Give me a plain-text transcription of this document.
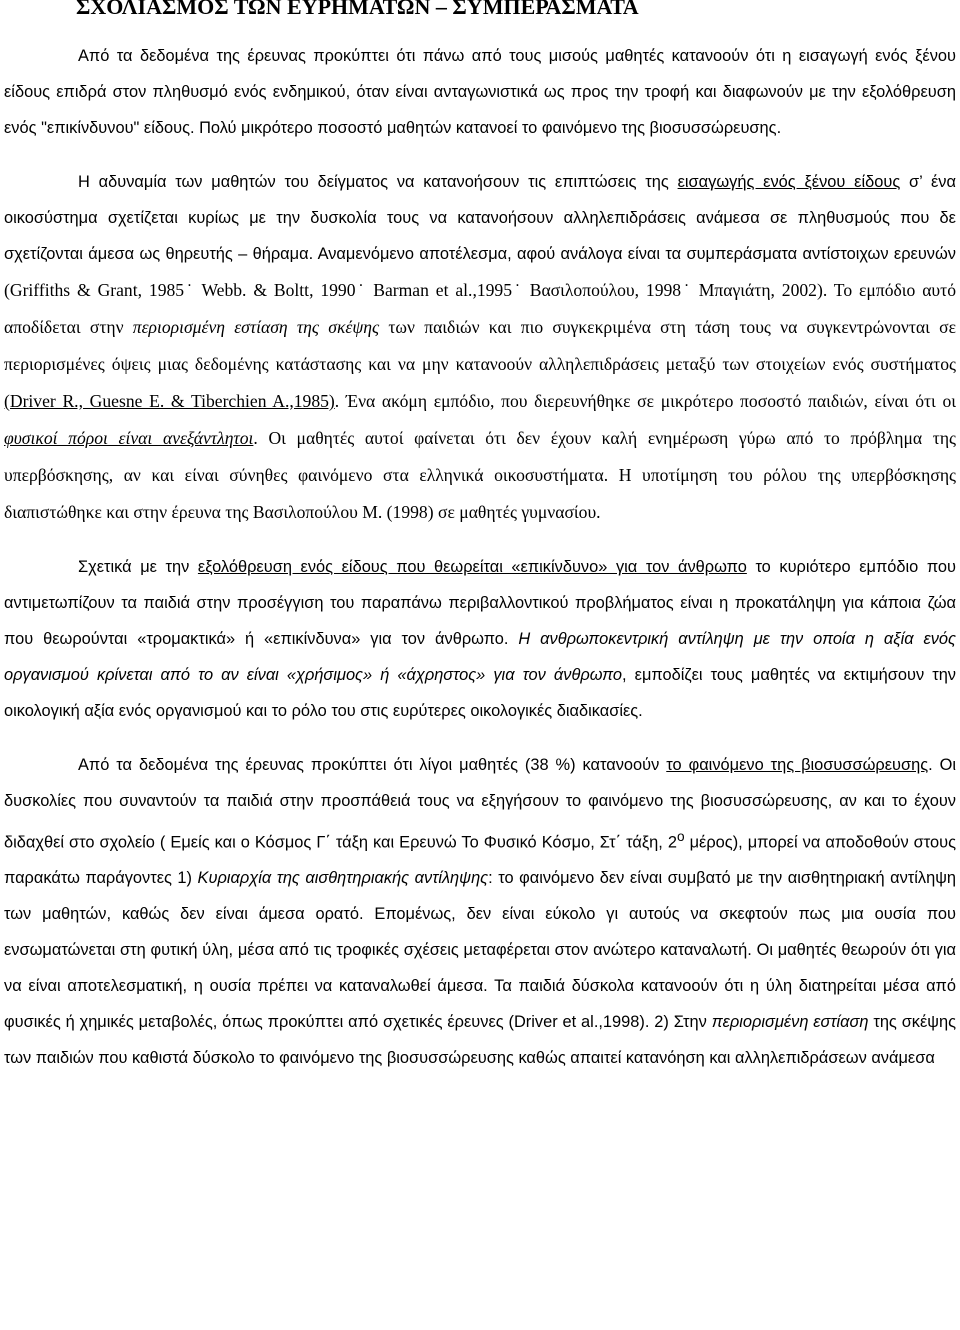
ΣΧΟΛΙΑΣΜΟΣ ΤΩΝ ΕΥΡΗΜΑΤΩΝ – ΣΥΜΠΕΡΑΣΜΑΤΑ

Από τα δεδομένα της έρευνας προκύπτει ότι πάνω από τους μισούς μαθητές κατανοούν ότι η εισαγωγή ενός ξένου είδους επιδρά στον πληθυσμό ενός ενδημικού, όταν είναι ανταγωνιστικά ως προς την τροφή και διαφωνούν με την εξολόθρευση ενός "επικίνδυνου" είδους. Πολύ μικρότερο ποσοστό μαθητών κατανοεί το φαινόμενο της βιοσυσσώρευσης.

Η αδυναμία των μαθητών του δείγματος να κατανοήσουν τις επιπτώσεις της εισαγωγής ενός ξένου είδους σ’ ένα οικοσύστημα σχετίζεται κυρίως με την δυσκολία τους να κατανοήσουν αλληλεπιδράσεις ανάμεσα σε πληθυσμούς που δε σχετίζονται άμεσα ως θηρευτής – θήραμα. Αναμενόμενο αποτέλεσμα, αφού ανάλογα είναι τα συμπεράσματα αντίστοιχων ερευνών (Griffiths & Grant, 1985˙ Webb. & Boltt, 1990˙ Barman et al.,1995˙ Βασιλοπούλου, 1998˙ Μπαγιάτη, 2002). Το εμπόδιο αυτό αποδίδεται στην περιορισμένη εστίαση της σκέψης των παιδιών και πιο συγκεκριμένα στη τάση τους να συγκεντρώνονται σε περιορισμένες όψεις μιας δεδομένης κατάστασης και να μην κατανοούν αλληλεπιδράσεις μεταξύ των στοιχείων ενός συστήματος (Driver R., Guesne E. & Tiberchien A.,1985). Ένα ακόμη εμπόδιο, που διερευνήθηκε σε μικρότερο ποσοστό παιδιών, είναι ότι οι φυσικοί πόροι είναι ανεξάντλητοι. Οι μαθητές αυτοί φαίνεται ότι δεν έχουν καλή ενημέρωση γύρω από το πρόβλημα της υπερβόσκησης, αν και είναι σύνηθες φαινόμενο στα ελληνικά οικοσυστήματα. Η υποτίμηση του ρόλου της υπερβόσκησης διαπιστώθηκε και στην έρευνα της Βασιλοπούλου Μ. (1998) σε μαθητές γυμνασίου.

Σχετικά με την εξολόθρευση ενός είδους που θεωρείται «επικίνδυνο» για τον άνθρωπο το κυριότερο εμπόδιο που αντιμετωπίζουν τα παιδιά στην προσέγγιση του παραπάνω περιβαλλοντικού προβλήματος είναι η προκατάληψη για κάποια ζώα που θεωρούνται «τρομακτικά» ή «επικίνδυνα» για τον άνθρωπο. Η ανθρωποκεντρική αντίληψη με την οποία η αξία ενός οργανισμού κρίνεται από το αν είναι «χρήσιμος» ή «άχρηστος» για τον άνθρωπο, εμποδίζει τους μαθητές να εκτιμήσουν την οικολογική αξία ενός οργανισμού και το ρόλο του στις ευρύτερες οικολογικές διαδικασίες.

Από τα δεδομένα της έρευνας προκύπτει ότι λίγοι μαθητές (38 %) κατανοούν το φαινόμενο της βιοσυσσώρευσης. Οι δυσκολίες που συναντούν τα παιδιά στην προσπάθειά τους να εξηγήσουν το φαινόμενο της βιοσυσσώρευσης, αν και το έχουν διδαχθεί στο σχολείο ( Εμείς και ο Κόσμος Γ΄ τάξη και Ερευνώ Το Φυσικό Κόσμο, Στ΄ τάξη, $2^o$ μέρος), μπορεί να αποδοθούν στους παρακάτω παράγοντες 1) Κυριαρχία της αισθητηριακής αντίληψης: το φαινόμενο δεν είναι συμβατό με την αισθητηριακή αντίληψη των μαθητών, καθώς δεν είναι άμεσα ορατό. Επομένως, δεν είναι εύκολο γι αυτούς να σκεφτούν πως μια ουσία που ενσωματώνεται στη φυτική ύλη, μέσα από τις τροφικές σχέσεις μεταφέρεται στον ανώτερο καταναλωτή. Οι μαθητές θεωρούν ότι για να είναι αποτελεσματική, η ουσία πρέπει να καταναλωθεί άμεσα. Τα παιδιά δύσκολα κατανοούν ότι η ύλη διατηρείται μέσα από φυσικές ή χημικές μεταβολές, όπως προκύπτει από σχετικές έρευνες (Driver et al.,1998). 2) Στην περιορισμένη εστίαση της σκέψης των παιδιών που καθιστά δύσκολο το φαινόμενο της βιοσυσσώρευσης καθώς απαιτεί κατανόηση και αλληλεπιδράσεων ανάμεσα
